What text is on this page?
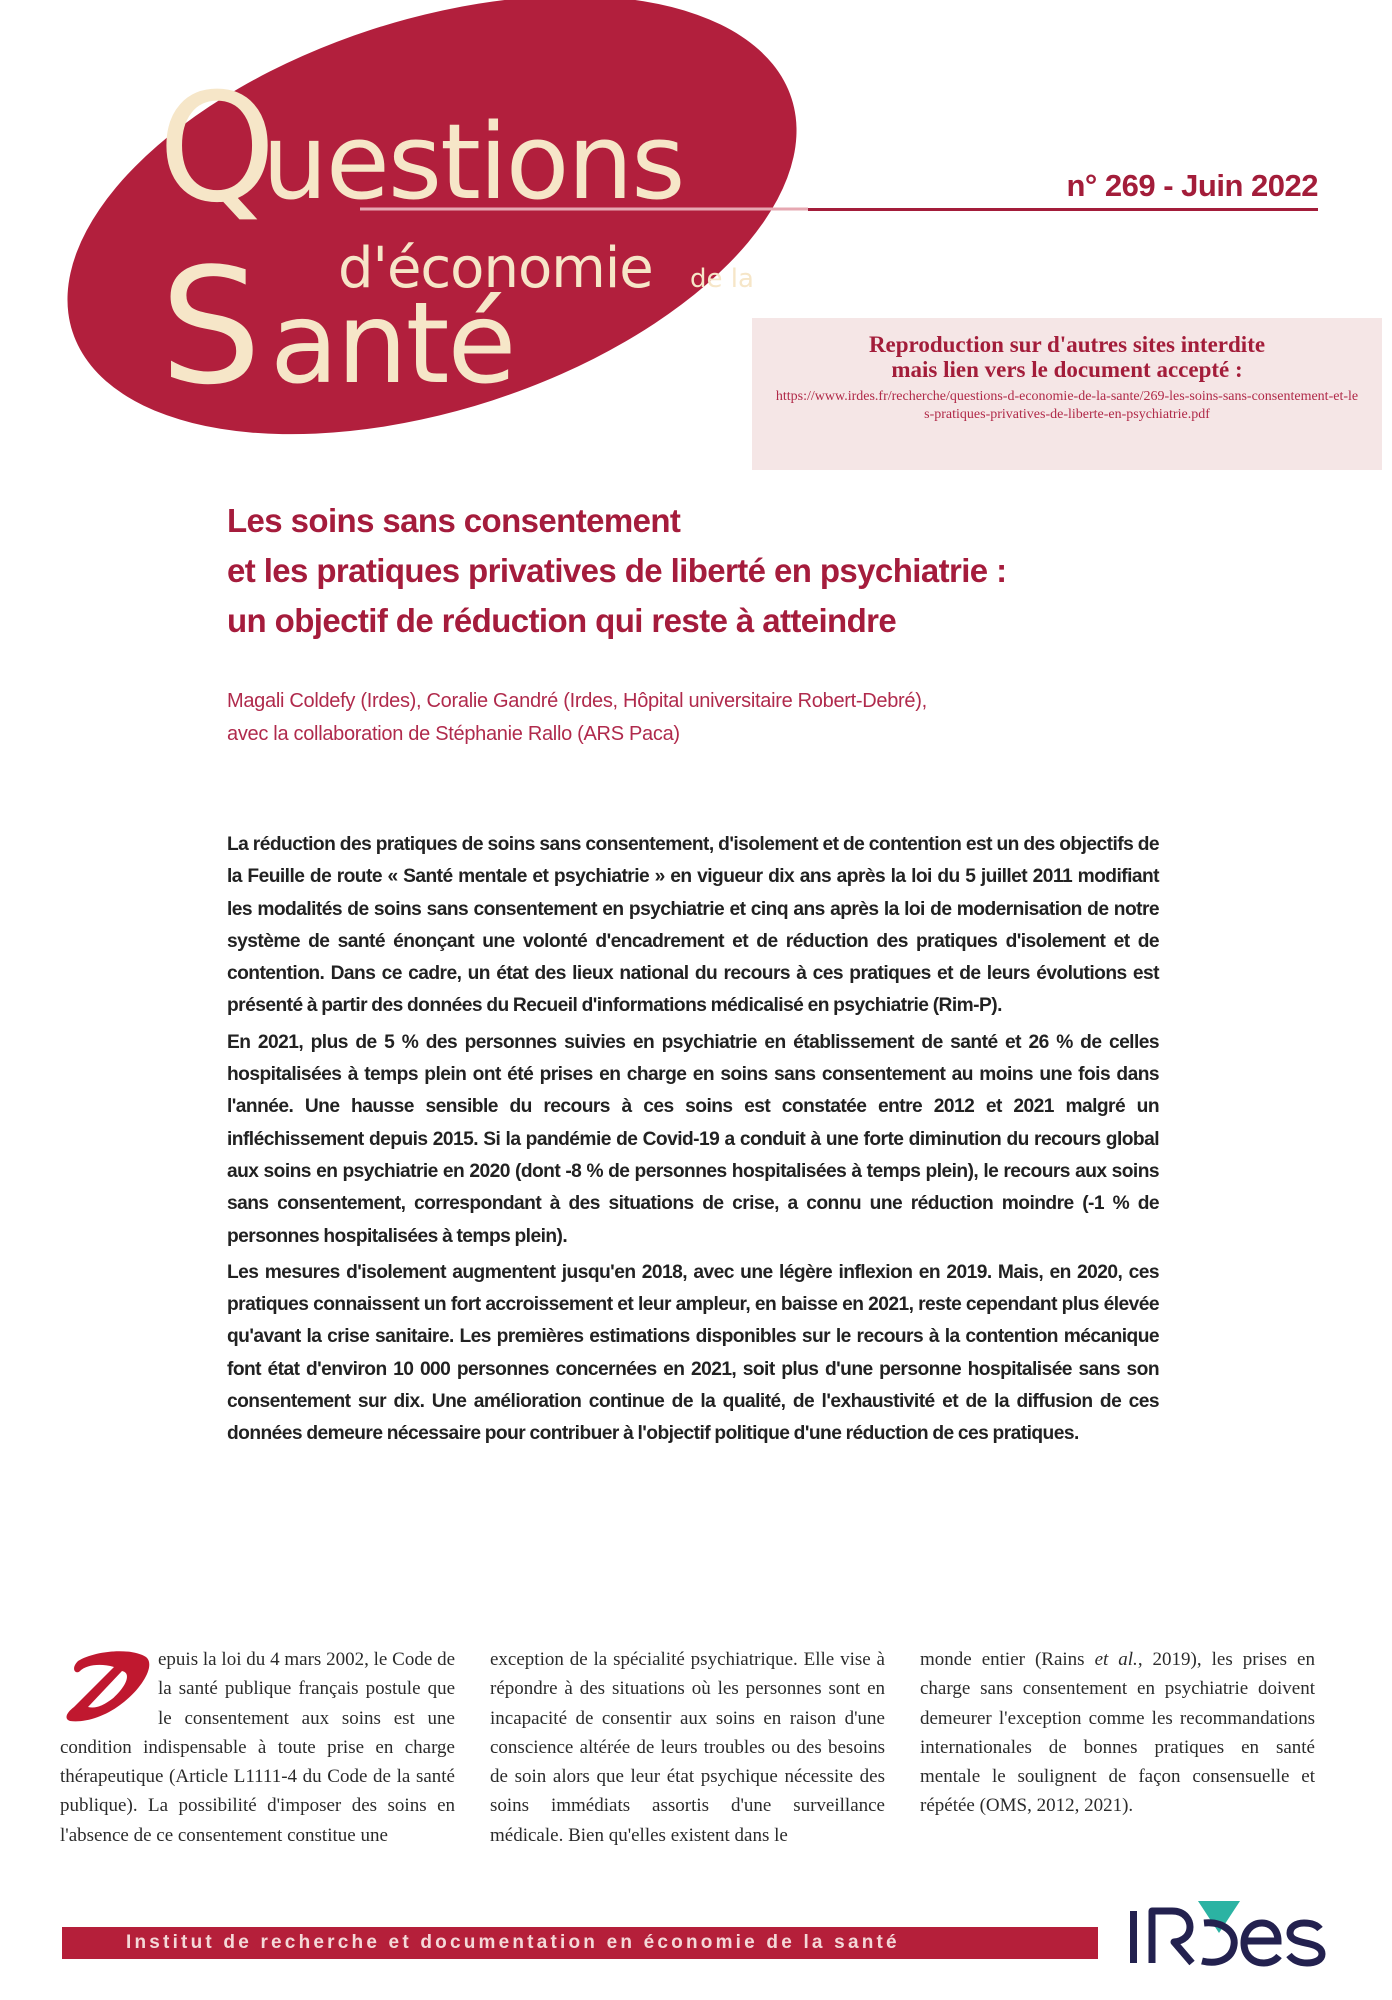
Q
uestions
d'économie de la
S anté
n° 269 - Juin 2022
Reproduction sur d'autres sites interdite
mais lien vers le document accepté :
https://www.irdes.fr/recherche/questions-d-economie-de-la-sante/269-les-soins-sans-consentement-et-les-pratiques-privatives-de-liberte-en-psychiatrie.pdf
Les soins sans consentement
et les pratiques privatives de liberté en psychiatrie :
un objectif de réduction qui reste à atteindre
Magali Coldefy (Irdes), Coralie Gandré (Irdes, Hôpital universitaire Robert-Debré),
avec la collaboration de Stéphanie Rallo (ARS Paca)

La réduction des pratiques de soins sans consentement, d'isolement et de contention est un des objectifs de la Feuille de route « Santé mentale et psychiatrie » en vigueur dix ans après la loi du 5 juillet 2011 modifiant les modalités de soins sans consentement en psychiatrie et cinq ans après la loi de modernisation de notre système de santé énonçant une volonté d'encadrement et de réduction des pratiques d'isolement et de contention. Dans ce cadre, un état des lieux national du recours à ces pratiques et de leurs évolutions est présenté à partir des données du Recueil d'informations médicalisé en psychiatrie (Rim-P).

En 2021, plus de 5 % des personnes suivies en psychiatrie en établissement de santé et 26 % de celles hospitalisées à temps plein ont été prises en charge en soins sans consentement au moins une fois dans l'année. Une hausse sensible du recours à ces soins est constatée entre 2012 et 2021 malgré un infléchissement depuis 2015. Si la pandémie de Covid-19 a conduit à une forte diminution du recours global aux soins en psychiatrie en 2020 (dont -8 % de personnes hospitalisées à temps plein), le recours aux soins sans consentement, correspondant à des situations de crise, a connu une réduction moindre (-1 % de personnes hospitalisées à temps plein).

Les mesures d'isolement augmentent jusqu'en 2018, avec une légère inflexion en 2019. Mais, en 2020, ces pratiques connaissent un fort accroissement et leur ampleur, en baisse en 2021, reste cependant plus élevée qu'avant la crise sanitaire. Les premières estimations disponibles sur le recours à la contention mécanique font état d'environ 10 000 personnes concernées en 2021, soit plus d'une personne hospitalisée sans son consentement sur dix. Une amélioration continue de la qualité, de l'exhaustivité et de la diffusion de ces données demeure nécessaire pour contribuer à l'objectif politique d'une réduction de ces pratiques.

epuis la loi du 4 mars 2002, le Code de la santé publique français postule que le consentement aux soins est une condition indispensable à toute prise en charge thérapeutique (Article L1111-4 du Code de la santé publique). La possibilité d'imposer des soins en l'absence de ce consentement constitue une

exception de la spécialité psychiatrique. Elle vise à répondre à des situations où les personnes sont en incapacité de consentir aux soins en raison d'une conscience altérée de leurs troubles ou des besoins de soin alors que leur état psychique nécessite des soins immédiats assortis d'une surveillance médicale. Bien qu'elles existent dans le

monde entier (Rains et al., 2019), les prises en charge sans consentement en psychiatrie doivent demeurer l'exception comme les recommandations internationales de bonnes pratiques en santé mentale le soulignent de façon consensuelle et répétée (OMS, 2012, 2021).

Institut de recherche et documentation en économie de la santé
